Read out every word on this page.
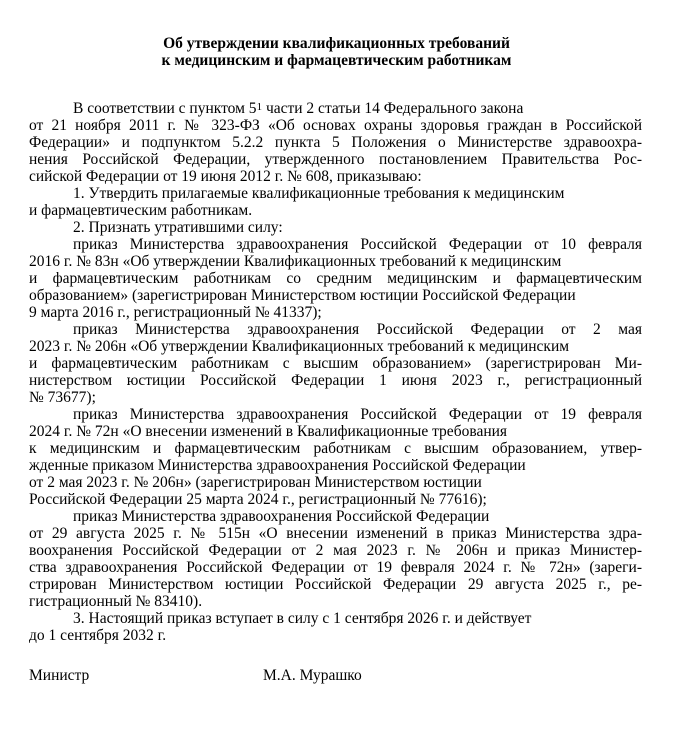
Об утверждении квалификационных требований
к медицинским и фармацевтическим работникам
В соответствии с пунктом $5^1$ части 2 статьи 14 Федерального закона
от 21 ноября 2011 г. № 323-ФЗ «Об основах охраны здоровья граждан в Российской
Федерации» и подпунктом 5.2.2 пункта 5 Положения о Министерстве здравоохра-
нения Российской Федерации, утвержденного постановлением Правительства Рос-
сийской Федерации от 19 июня 2012 г. № 608, приказываю:
1. Утвердить прилагаемые квалификационные требования к медицинским
и фармацевтическим работникам.
2. Признать утратившими силу:
приказ Министерства здравоохранения Российской Федерации от 10 февраля
2016 г. № 83н «Об утверждении Квалификационных требований к медицинским
и фармацевтическим работникам со средним медицинским и фармацевтическим
образованием» (зарегистрирован Министерством юстиции Российской Федерации
9 марта 2016 г., регистрационный № 41337);
приказ Министерства здравоохранения Российской Федерации от 2 мая
2023 г. № 206н «Об утверждении Квалификационных требований к медицинским
и фармацевтическим работникам с высшим образованием» (зарегистрирован Ми-
нистерством юстиции Российской Федерации 1 июня 2023 г., регистрационный
№ 73677);
приказ Министерства здравоохранения Российской Федерации от 19 февраля
2024 г. № 72н «О внесении изменений в Квалификационные требования
к медицинским и фармацевтическим работникам с высшим образованием, утвер-
жденные приказом Министерства здравоохранения Российской Федерации
от 2 мая 2023 г. № 206н» (зарегистрирован Министерством юстиции
Российской Федерации 25 марта 2024 г., регистрационный № 77616);
приказ Министерства здравоохранения Российской Федерации
от 29 августа 2025 г. № 515н «О внесении изменений в приказ Министерства здра-
воохранения Российской Федерации от 2 мая 2023 г. № 206н и приказ Министер-
ства здравоохранения Российской Федерации от 19 февраля 2024 г. № 72н» (зареги-
стрирован Министерством юстиции Российской Федерации 29 августа 2025 г., ре-
гистрационный № 83410).
3. Настоящий приказ вступает в силу с 1 сентября 2026 г. и действует
до 1 сентября 2032 г.
Министр	М.А. Мурашко
